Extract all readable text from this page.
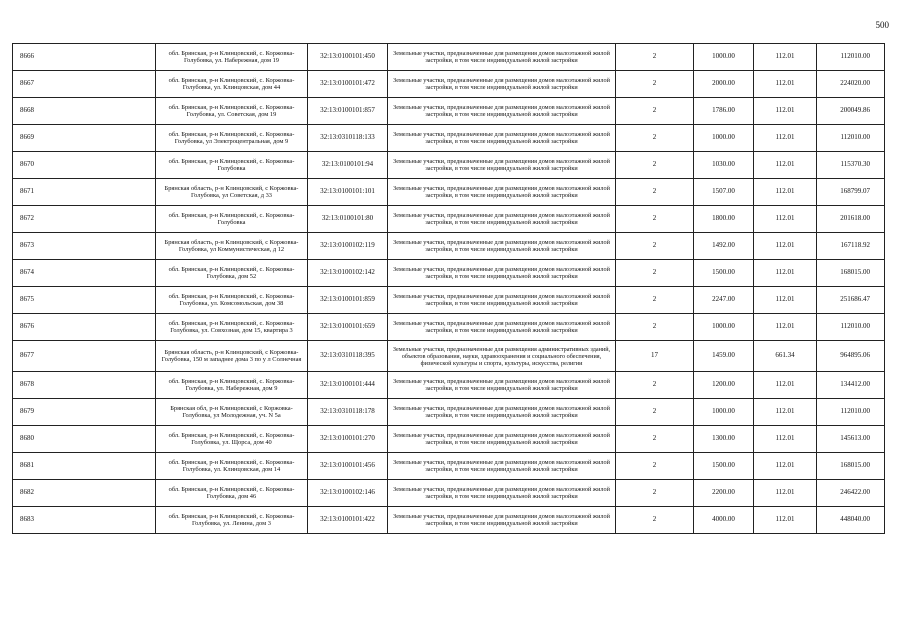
500
8666	обл. Брянская, р-н Клинцовский, с. Коржовка-Голубовка, ул. Набережная, дом 19	32:13:0100101:450	Земельные участки, предназначенные для размещения домов малоэтажной жилой застройки, в том числе индивидуальной жилой застройки	2	1000.00	112.01	112010.00
8667	обл. Брянская, р-н Клинцовский, с. Коржовка-Голубовка, ул. Клинцовская, дом 44	32:13:0100101:472	Земельные участки, предназначенные для размещения домов малоэтажной жилой застройки, в том числе индивидуальной жилой застройки	2	2000.00	112.01	224020.00
8668	обл. Брянская, р-н Клинцовский, с. Коржовка-Голубовка, ул. Советская, дом 19	32:13:0100101:857	Земельные участки, предназначенные для размещения домов малоэтажной жилой застройки, в том числе индивидуальной жилой застройки	2	1786.00	112.01	200049.86
8669	обл. Брянская, р-н Клинцовский, с. Коржовка-Голубовка, ул Электроцентральная, дом 9	32:13:0310118:133	Земельные участки, предназначенные для размещения домов малоэтажной жилой застройки, в том числе индивидуальной жилой застройки	2	1000.00	112.01	112010.00
8670	обл. Брянская, р-н Клинцовский, с. Коржовка-Голубовка	32:13:0100101:94	Земельные участки, предназначенные для размещения домов малоэтажной жилой застройки, в том числе индивидуальной жилой застройки	2	1030.00	112.01	115370.30
8671	Брянская область, р-н Клинцовский, с Коржовка-Голубовка, ул Советская, д 33	32:13:0100101:101	Земельные участки, предназначенные для размещения домов малоэтажной жилой застройки, в том числе индивидуальной жилой застройки	2	1507.00	112.01	168799.07
8672	обл. Брянская, р-н Клинцовский, с. Коржовка-Голубовка	32:13:0100101:80	Земельные участки, предназначенные для размещения домов малоэтажной жилой застройки, в том числе индивидуальной жилой застройки	2	1800.00	112.01	201618.00
8673	Брянская область, р-н Клинцовский, с Коржовка-Голубовка, ул Коммунистическая, д 12	32:13:0100102:119	Земельные участки, предназначенные для размещения домов малоэтажной жилой застройки, в том числе индивидуальной жилой застройки	2	1492.00	112.01	167118.92
8674	обл. Брянская, р-н Клинцовский, с. Коржовка-Голубовка, дом 52	32:13:0100102:142	Земельные участки, предназначенные для размещения домов малоэтажной жилой застройки, в том числе индивидуальной жилой застройки	2	1500.00	112.01	168015.00
8675	обл. Брянская, р-н Клинцовский, с. Коржовка-Голубовка, ул. Комсомольская, дом 38	32:13:0100101:859	Земельные участки, предназначенные для размещения домов малоэтажной жилой застройки, в том числе индивидуальной жилой застройки	2	2247.00	112.01	251686.47
8676	обл. Брянская, р-н Клинцовский, с. Коржовка-Голубовка, ул. Совхозная, дом 15, квартира 3	32:13:0100101:659	Земельные участки, предназначенные для размещения домов малоэтажной жилой застройки, в том числе индивидуальной жилой застройки	2	1000.00	112.01	112010.00
8677	Брянская область, р-н Клинцовский, с Коржовка-Голубовка, 150 м западнее дома 3 по у л Солнечная	32:13:0310118:395	Земельные участки, предназначенные для размещения административных зданий, объектов образования, науки, здравоохранения и социального обеспечения, физической культуры и спорта, культуры, искусства, религии	17	1459.00	661.34	964895.06
8678	обл. Брянская, р-н Клинцовский, с. Коржовка-Голубовка, ул. Набережная, дом 9	32:13:0100101:444	Земельные участки, предназначенные для размещения домов малоэтажной жилой застройки, в том числе индивидуальной жилой застройки	2	1200.00	112.01	134412.00
8679	Брянская обл, р-н Клинцовский, с Коржовка-Голубовка, ул Молодежная, уч. N 5а	32:13:0310118:178	Земельные участки, предназначенные для размещения домов малоэтажной жилой застройки, в том числе индивидуальной жилой застройки	2	1000.00	112.01	112010.00
8680	обл. Брянская, р-н Клинцовский, с. Коржовка-Голубовка, ул. Щорса, дом 40	32:13:0100101:270	Земельные участки, предназначенные для размещения домов малоэтажной жилой застройки, в том числе индивидуальной жилой застройки	2	1300.00	112.01	145613.00
8681	обл. Брянская, р-н Клинцовский, с. Коржовка-Голубовка, ул. Клинцовская, дом 14	32:13:0100101:456	Земельные участки, предназначенные для размещения домов малоэтажной жилой застройки, в том числе индивидуальной жилой застройки	2	1500.00	112.01	168015.00
8682	обл. Брянская, р-н Клинцовский, с. Коржовка-Голубовка, дом 46	32:13:0100102:146	Земельные участки, предназначенные для размещения домов малоэтажной жилой застройки, в том числе индивидуальной жилой застройки	2	2200.00	112.01	246422.00
8683	обл. Брянская, р-н Клинцовский, с. Коржовка-Голубовка, ул. Ленина, дом 3	32:13:0100101:422	Земельные участки, предназначенные для размещения домов малоэтажной жилой застройки, в том числе индивидуальной жилой застройки	2	4000.00	112.01	448040.00
